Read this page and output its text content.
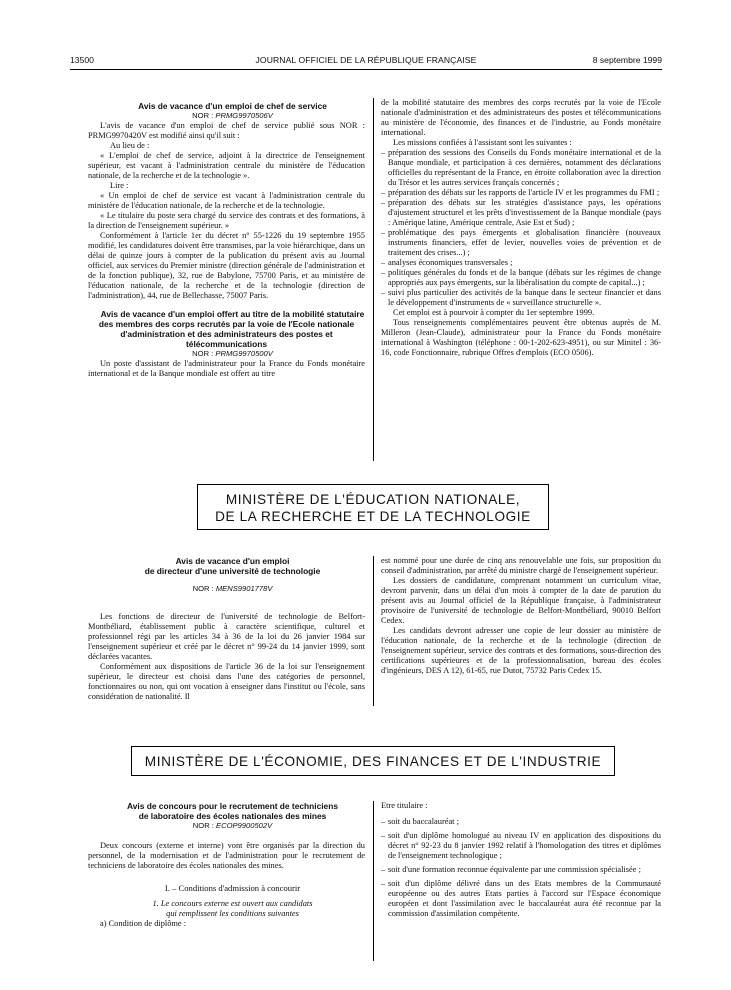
13500	JOURNAL OFFICIEL DE LA RÉPUBLIQUE FRANÇAISE	8 septembre 1999

Avis de vacance d'un emploi de chef de service

NOR : PRMG9970506V

L'avis de vacance d'un emploi de chef de service publié sous NOR : PRMG9970420V est modifié ainsi qu'il suit :

Au lieu de :

« L'emploi de chef de service, adjoint à la directrice de l'enseignement supérieur, est vacant à l'administration centrale du ministère de l'éducation nationale, de la recherche et de la technologie ».

Lire :

« Un emploi de chef de service est vacant à l'administration centrale du ministère de l'éducation nationale, de la recherche et de la technologie.

« Le titulaire du poste sera chargé du service des contrats et des formations, à la direction de l'enseignement supérieur. »

Conformément à l'article 1er du décret n° 55-1226 du 19 septembre 1955 modifié, les candidatures doivent être transmises, par la voie hiérarchique, dans un délai de quinze jours à compter de la publication du présent avis au Journal officiel, aux services du Premier ministre (direction générale de l'administration et de la fonction publique), 32, rue de Babylone, 75700 Paris, et au ministère de l'éducation nationale, de la recherche et de la technologie (direction de l'administration), 44, rue de Bellechasse, 75007 Paris.

Avis de vacance d'un emploi offert au titre de la mobilité statutaire des membres des corps recrutés par la voie de l'Ecole nationale d'administration et des administrateurs des postes et télécommunications

NOR : PRMG9970500V

Un poste d'assistant de l'administrateur pour la France du Fonds monétaire international et de la Banque mondiale est offert au titre

de la mobilité statutaire des membres des corps recrutés par la voie de l'Ecole nationale d'administration et des administrateurs des postes et télécommunications au ministère de l'économie, des finances et de l'industrie, au Fonds monétaire international.

Les missions confiées à l'assistant sont les suivantes :

– préparation des sessions des Conseils du Fonds monétaire international et de la Banque mondiale, et participation à ces dernières, notamment des déclarations officielles du représentant de la France, en étroite collaboration avec la direction du Trésor et les autres services français concernés ;

– préparation des débats sur les rapports de l'article IV et les programmes du FMI ;

– préparation des débats sur les stratégies d'assistance pays, les opérations d'ajustement structurel et les prêts d'investissement de la Banque mondiale (pays : Amérique latine, Amérique centrale, Asie Est et Sud) ;

– problématique des pays émergents et globalisation financière (nouveaux instruments financiers, effet de levier, nouvelles voies de prévention et de traitement des crises...) ;

– analyses économiques transversales ;

– politiques générales du fonds et de la banque (débats sur les régimes de change appropriés aux pays émergents, sur la libéralisation du compte de capital...) ;

– suivi plus particulier des activités de la banque dans le secteur financier et dans le développement d'instruments de « surveillance structurelle ».

Cet emploi est à pourvoir à compter du 1er septembre 1999.

Tous renseignements complémentaires peuvent être obtenus auprès de M. Milleron (Jean-Claude), administrateur pour la France du Fonds monétaire international à Washington (téléphone : 00-1-202-623-4951), ou sur Minitel : 36-16, code Fonctionnaire, rubrique Offres d'emplois (ECO 0506).

MINISTÈRE DE L'ÉDUCATION NATIONALE,
DE LA RECHERCHE ET DE LA TECHNOLOGIE

Avis de vacance d'un emploi

de directeur d'une université de technologie

NOR : MENS9901778V

Les fonctions de directeur de l'université de technologie de Belfort-Montbéliard, établissement public à caractère scientifique, culturel et professionnel régi par les articles 34 à 36 de la loi du 26 janvier 1984 sur l'enseignement supérieur et créé par le décret n° 99-24 du 14 janvier 1999, sont déclarées vacantes.

Conformément aux dispositions de l'article 36 de la loi sur l'enseignement supérieur, le directeur est choisi dans l'une des catégories de personnel, fonctionnaires ou non, qui ont vocation à enseigner dans l'institut ou l'école, sans considération de nationalité. Il

est nommé pour une durée de cinq ans renouvelable une fois, sur proposition du conseil d'administration, par arrêté du ministre chargé de l'enseignement supérieur.

Les dossiers de candidature, comprenant notamment un curriculum vitae, devront parvenir, dans un délai d'un mois à compter de la date de parution du présent avis au Journal officiel de la République française, à l'administrateur provisoire de l'université de technologie de Belfort-Montbéliard, 90010 Belfort Cedex.

Les candidats devront adresser une copie de leur dossier au ministère de l'éducation nationale, de la recherche et de la technologie (direction de l'enseignement supérieur, service des contrats et des formations, sous-direction des certifications supérieures et de la professionnalisation, bureau des écoles d'ingénieurs, DES A 12), 61-65, rue Dutot, 75732 Paris Cedex 15.

MINISTÈRE DE L'ÉCONOMIE, DES FINANCES ET DE L'INDUSTRIE

Avis de concours pour le recrutement de techniciens

de laboratoire des écoles nationales des mines

NOR : ECOP9900502V

Deux concours (externe et interne) vont être organisés par la direction du personnel, de la modernisation et de l'administration pour le recrutement de techniciens de laboratoire des écoles nationales des mines.

I. – Conditions d'admission à concourir

1. Le concours externe est ouvert aux candidats

qui remplissent les conditions suivantes

a) Condition de diplôme :

Etre titulaire :

– soit du baccalauréat ;

– soit d'un diplôme homologué au niveau IV en application des dispositions du décret n° 92-23 du 8 janvier 1992 relatif à l'homologation des titres et diplômes de l'enseignement technologique ;

– soit d'une formation reconnue équivalente par une commission spécialisée ;

– soit d'un diplôme délivré dans un des Etats membres de la Communauté européenne ou des autres Etats parties à l'accord sur l'Espace économique européen et dont l'assimilation avec le baccalauréat aura été reconnue par la commission d'assimilation compétente.
